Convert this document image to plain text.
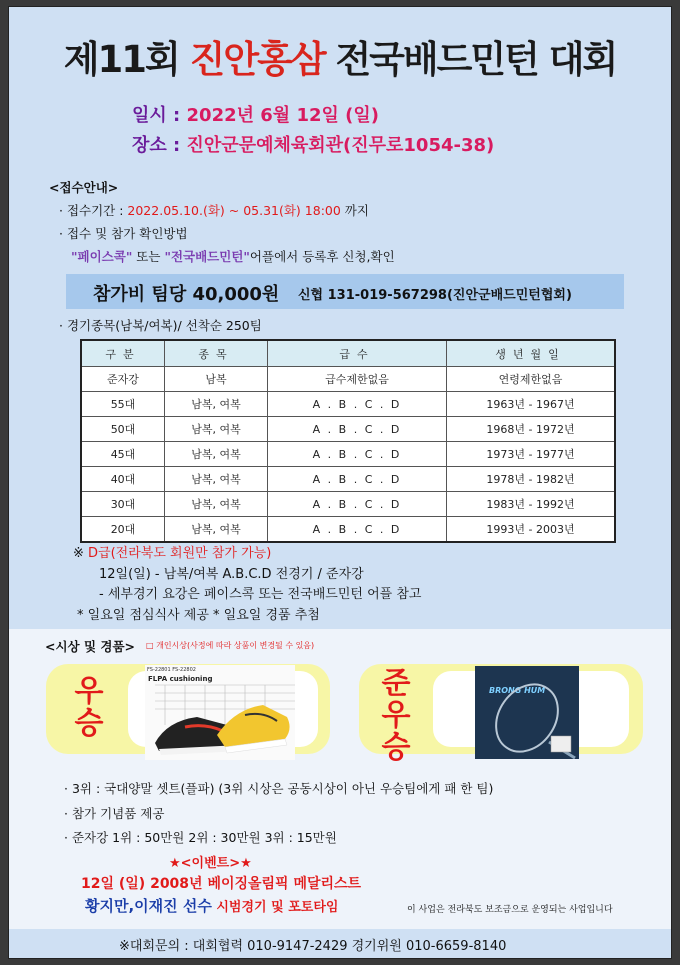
제11회 진안홍삼 전국배드민턴 대회
일시 : 2022년 6월 12일 (일)
장소 : 진안군문예체육회관(진무로1054-38)
<접수안내>
· 접수기간 : 2022.05.10.(화) ~ 05.31(화) 18:00 까지
· 접수 및 참가 확인방법
"페이스콕" 또는 "전국배드민턴"어플에서 등록후 신청,확인
참가비 팀당 40,000원 신협 131-019-567298(진안군배드민턴협회)
· 경기종목(남복/여복)/ 선착순 250팀
구분	종목	급수	생년월일
준자강	남복	급수제한없음	연령제한없음
55대	남복, 여복	A . B . C . D	1963년 - 1967년
50대	남복, 여복	A . B . C . D	1968년 - 1972년
45대	남복, 여복	A . B . C . D	1973년 - 1977년
40대	남복, 여복	A . B . C . D	1978년 - 1982년
30대	남복, 여복	A . B . C . D	1983년 - 1992년
20대	남복, 여복	A . B . C . D	1993년 - 2003년
※ D급(전라북도 회원만 참가 가능)
12일(일) - 남복/여복 A.B.C.D 전경기 / 준자강
- 세부경기 요강은 페이스콕 또는 전국배드민턴 어플 참고
* 일요일 점심식사 제공 * 일요일 경품 추첨
<시상 및 경품> □ 개인시상(사정에 따라 상품이 변경될 수 있음)
우승
FS-22801 FS-22802
FLPA cushioning	준우승
BRONG HUM
· 3위 : 국대양말 셋트(플파) (3위 시상은 공동시상이 아닌 우승팀에게 패 한 팀)
· 참가 기념품 제공
· 준자강 1위 : 50만원 2위 : 30만원 3위 : 15만원
★<이벤트>★
12일 (일) 2008년 베이징올림픽 메달리스트
황지만,이재진 선수 시범경기 및 포토타임	이 사업은 전라북도 보조금으로 운영되는 사업입니다
※대회문의 : 대회협력 010-9147-2429 경기위원 010-6659-8140
